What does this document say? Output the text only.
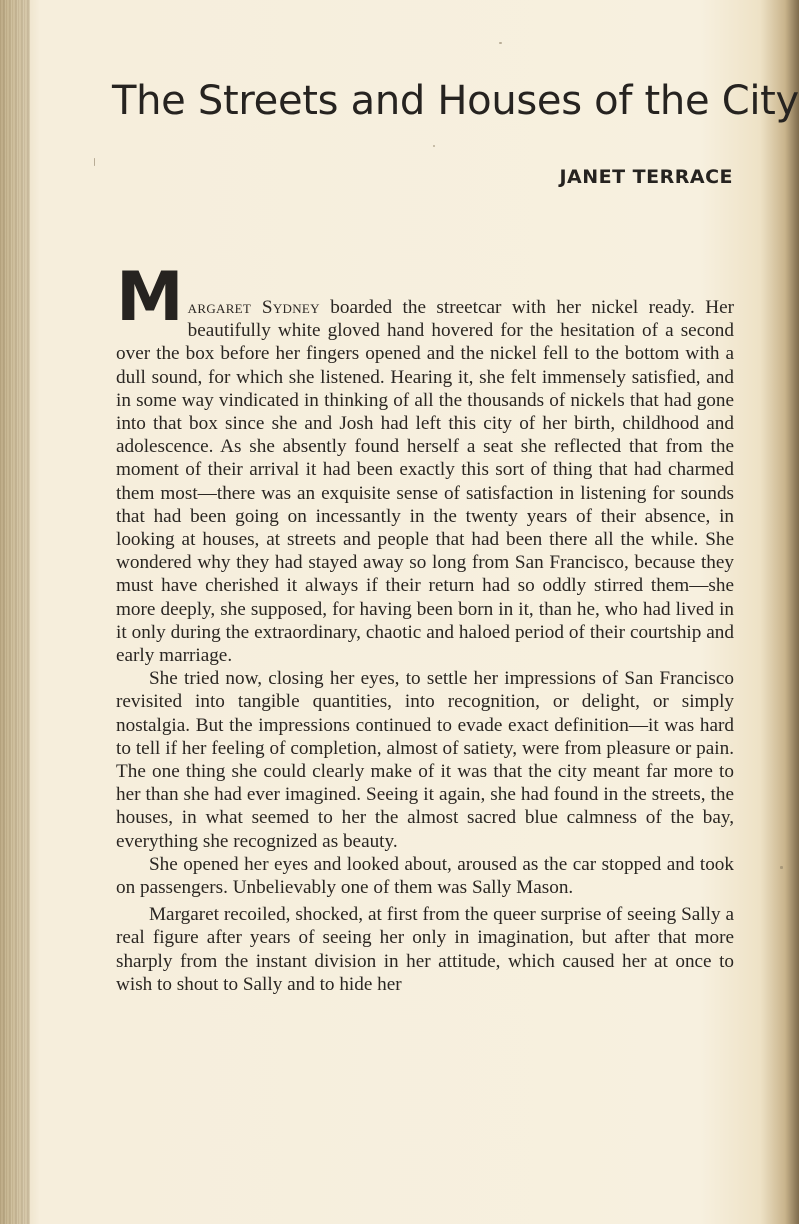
The Streets and Houses of the City
JANET TERRACE

Margaret Sydney boarded the streetcar with her nickel ready. Her beautifully white gloved hand hovered for the hesitation of a second over the box before her fingers opened and the nickel fell to the bottom with a dull sound, for which she listened. Hearing it, she felt immensely satisfied, and in some way vindicated in thinking of all the thousands of nickels that had gone into that box since she and Josh had left this city of her birth, childhood and adolescence. As she absently found herself a seat she reflected that from the moment of their arrival it had been exactly this sort of thing that had charmed them most—there was an exquisite sense of satisfaction in listening for sounds that had been going on incessantly in the twenty years of their absence, in looking at houses, at streets and people that had been there all the while. She wondered why they had stayed away so long from San Francisco, because they must have cherished it always if their return had so oddly stirred them—she more deeply, she supposed, for having been born in it, than he, who had lived in it only during the extraordinary, chaotic and haloed period of their courtship and early marriage.

She tried now, closing her eyes, to settle her impressions of San Francisco revisited into tangible quantities, into recognition, or delight, or simply nostalgia. But the impressions continued to evade exact definition—it was hard to tell if her feeling of completion, almost of satiety, were from pleasure or pain. The one thing she could clearly make of it was that the city meant far more to her than she had ever imagined. Seeing it again, she had found in the streets, the houses, in what seemed to her the almost sacred blue calmness of the bay, everything she recognized as beauty.

She opened her eyes and looked about, aroused as the car stopped and took on passengers. Unbelievably one of them was Sally Mason.

Margaret recoiled, shocked, at first from the queer surprise of seeing Sally a real figure after years of seeing her only in imagination, but after that more sharply from the instant division in her attitude, which caused her at once to wish to shout to Sally and to hide her
